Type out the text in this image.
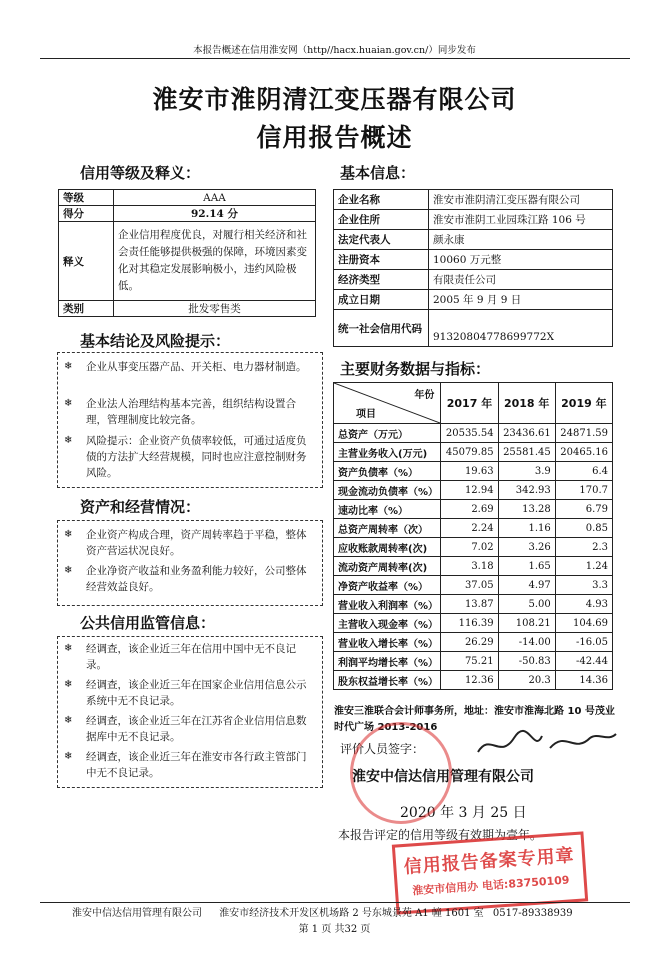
本报告概述在信用淮安网（http//hacx.huaian.gov.cn/）同步发布
淮安市淮阴清江变压器有限公司
信用报告概述
信用等级及释义：
等级	AAA
得分	92.14 分
释义	企业信用程度优良，对履行相关经济和社会责任能够提供极强的保障，环境因素变化对其稳定发展影响极小，违约风险极低。
类别	批发零售类
基本结论及风险提示：
❄ 企业从事变压器产品、开关柜、电力器材制造。
❄ 企业法人治理结构基本完善，组织结构设置合理，管理制度比较完备。
❄ 风险提示：企业资产负债率较低，可通过适度负债的方法扩大经营规模，同时也应注意控制财务风险。
资产和经营情况：
❄ 企业资产构成合理，资产周转率趋于平稳，整体资产营运状况良好。
❄ 企业净资产收益和业务盈利能力较好，公司整体经营效益良好。
公共信用监管信息：
❄ 经调查，该企业近三年在信用中国中无不良记录。
❄ 经调查，该企业近三年在国家企业信用信息公示系统中无不良记录。
❄ 经调查，该企业近三年在江苏省企业信用信息数据库中无不良记录。
❄ 经调查，该企业近三年在淮安市各行政主管部门中无不良记录。
基本信息：
企业名称	淮安市淮阴清江变压器有限公司
企业住所	淮安市淮阴工业园珠江路 106 号
法定代表人	颜永康
注册资本	10060 万元整
经济类型	有限责任公司
成立日期	2005 年 9 月 9 日
统一社会信用代码	91320804778699772X
主要财务数据与指标：
年份
项目	2017 年	2018 年	2019 年
总资产（万元）	20535.54	23436.61	24871.59
主营业务收入(万元)	45079.85	25581.45	20465.16
资产负债率（%）	19.63	3.9	6.4
现金流动负债率（%）	12.94	342.93	170.7
速动比率（%）	2.69	13.28	6.79
总资产周转率（次）	2.24	1.16	0.85
应收账款周转率(次)	7.02	3.26	2.3
流动资产周转率(次)	3.18	1.65	1.24
净资产收益率（%）	37.05	4.97	3.3
营业收入利润率（%）	13.87	5.00	4.93
主营收入现金率（%）	116.39	108.21	104.69
营业收入增长率（%）	26.29	-14.00	-16.05
利润平均增长率（%）	75.21	-50.83	-42.44
股东权益增长率（%）	12.36	20.3	14.36
淮安三淮联合会计师事务所，地址：淮安市淮海北路 10 号茂业时代广场 2013-2016
评价人员签字：
淮安中信达信用管理有限公司
2020 年 3 月 25 日
本报告评定的信用等级有效期为壹年。
信用报告备案专用章
淮安市信用办 电话:83750109
淮安中信达信用管理有限公司 淮安市经济技术开发区机场路 2 号东城景苑 A1 幢 1601 室 0517-89338939
第 1 页 共32 页
